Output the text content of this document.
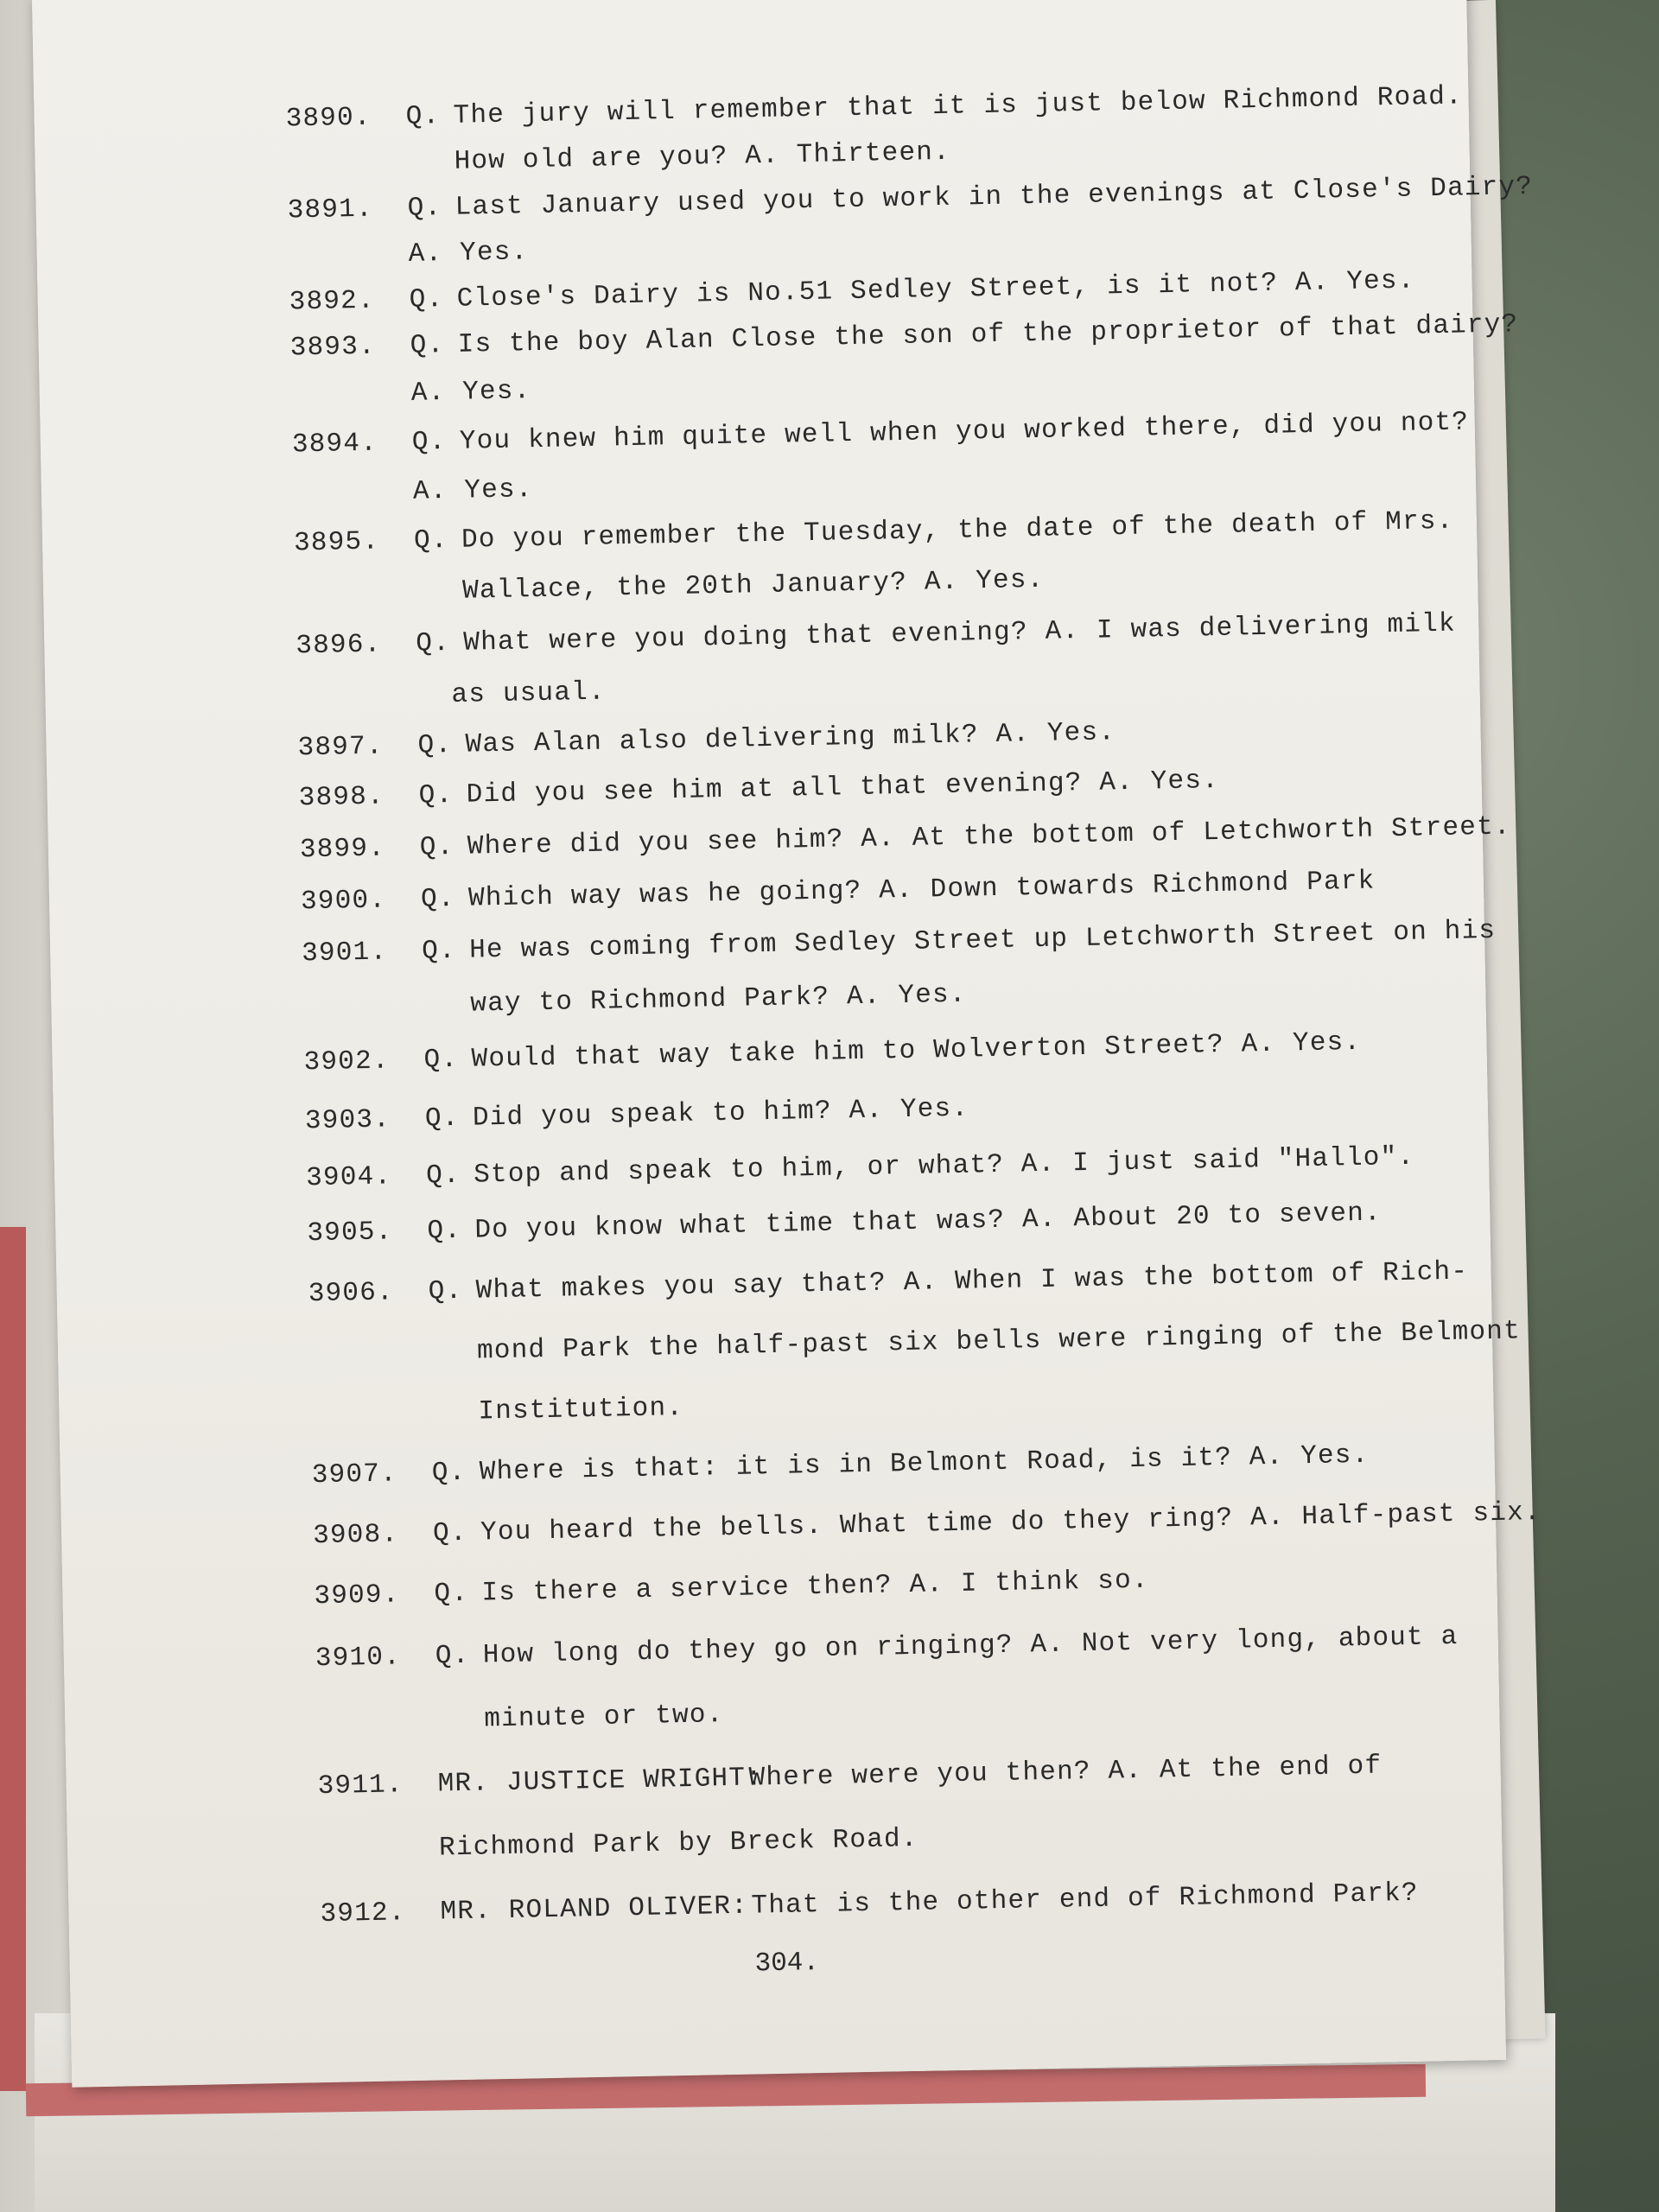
3890. Q. The jury will remember that it is just below Richmond Road.
How old are you? A. Thirteen.
3891. Q. Last January used you to work in the evenings at Close's Dairy?
A. Yes.
3892. Q. Close's Dairy is No.51 Sedley Street, is it not? A. Yes.
3893. Q. Is the boy Alan Close the son of the proprietor of that dairy?
A. Yes.
3894. Q. You knew him quite well when you worked there, did you not?
A. Yes.
3895. Q. Do you remember the Tuesday, the date of the death of Mrs.
Wallace, the 20th January? A. Yes.
3896. Q. What were you doing that evening? A. I was delivering milk
as usual.
3897. Q. Was Alan also delivering milk? A. Yes.
3898. Q. Did you see him at all that evening? A. Yes.
3899. Q. Where did you see him? A. At the bottom of Letchworth Street.
3900. Q. Which way was he going? A. Down towards Richmond Park
3901. Q. He was coming from Sedley Street up Letchworth Street on his
way to Richmond Park? A. Yes.
3902. Q. Would that way take him to Wolverton Street? A. Yes.
3903. Q. Did you speak to him? A. Yes.
3904. Q. Stop and speak to him, or what? A. I just said "Hallo".
3905. Q. Do you know what time that was? A. About 20 to seven.
3906. Q. What makes you say that? A. When I was the bottom of Rich-
mond Park the half-past six bells were ringing of the Belmont
Institution.
3907. Q. Where is that: it is in Belmont Road, is it? A. Yes.
3908. Q. You heard the bells. What time do they ring? A. Half-past six.
3909. Q. Is there a service then? A. I think so.
3910. Q. How long do they go on ringing? A. Not very long, about a
minute or two.
3911. MR. JUSTICE WRIGHT:
Where were you then? A. At the end of
Richmond Park by Breck Road.
3912. MR. ROLAND OLIVER: That is the other end of Richmond Park?
304.
